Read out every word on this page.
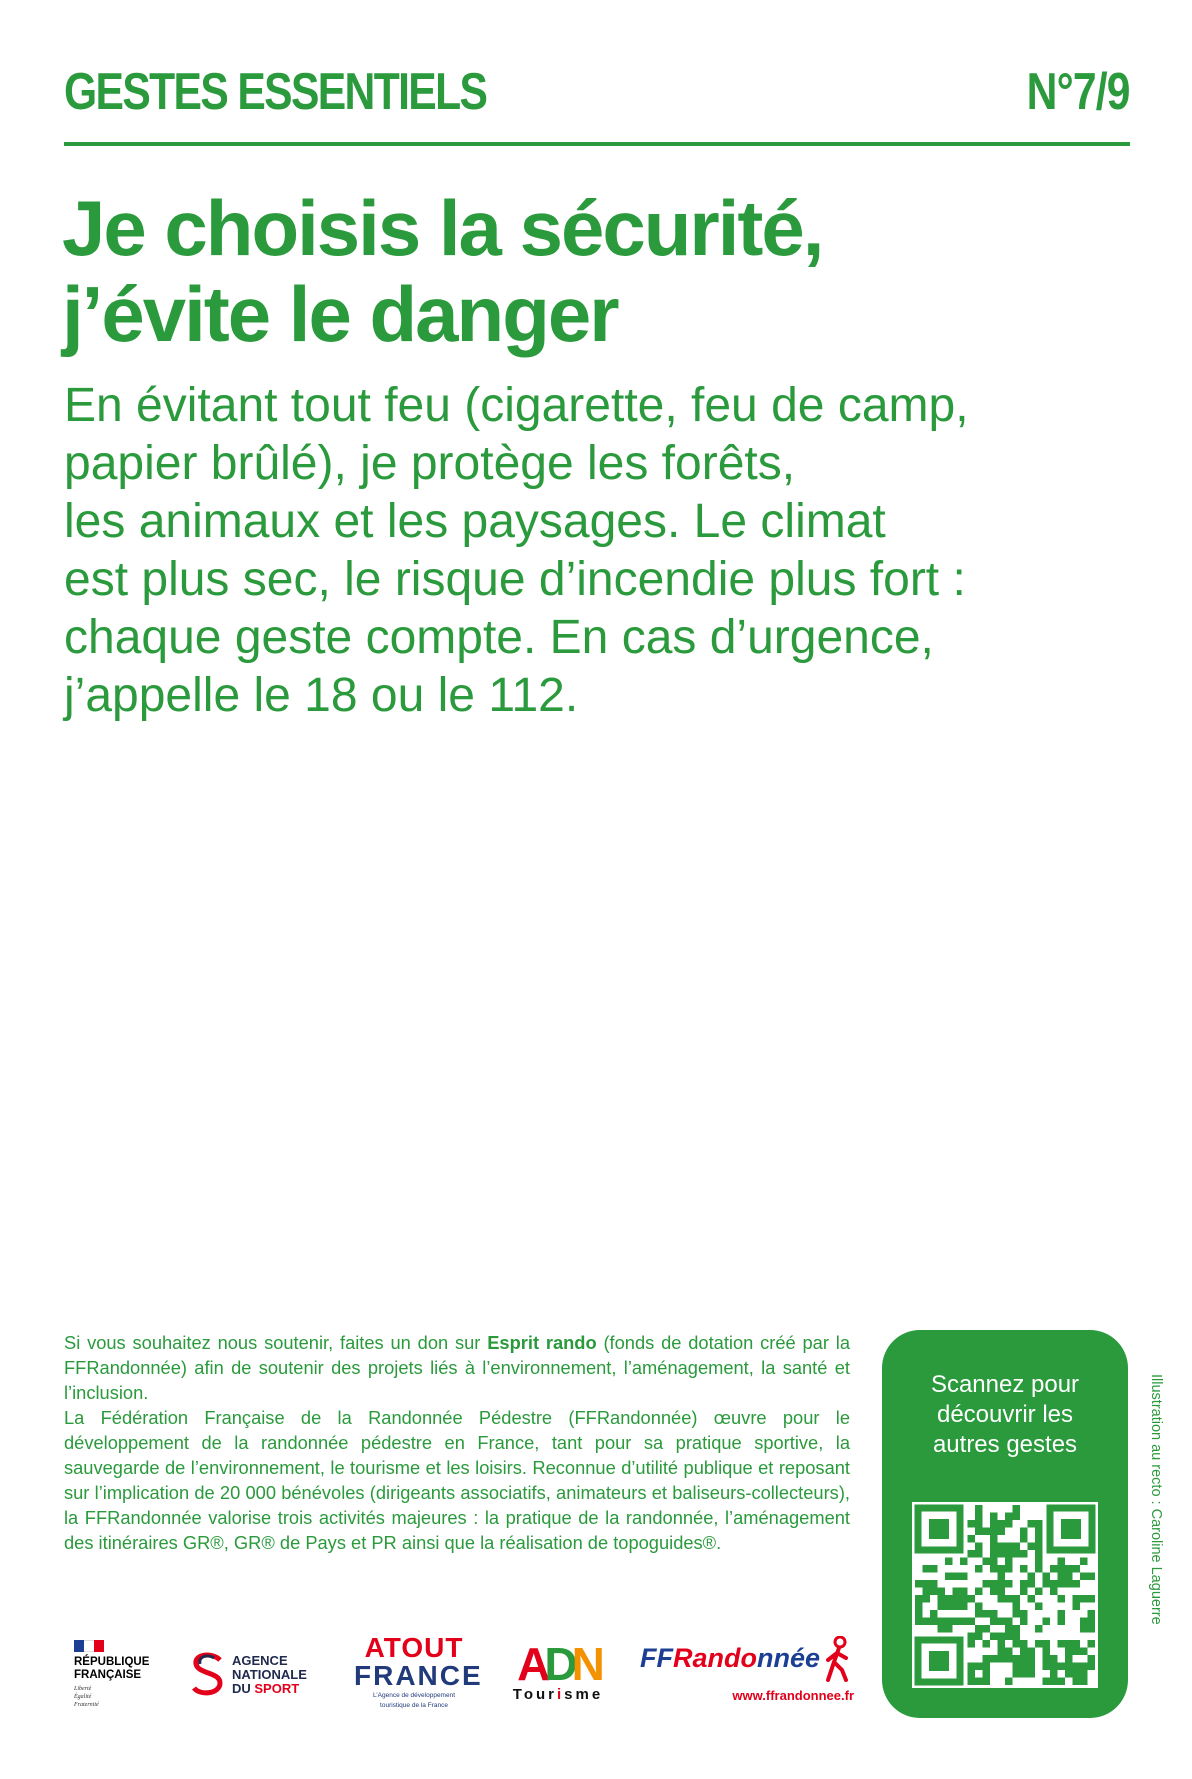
GESTES ESSENTIELS	N°7/9
Je choisis la sécurité,
j’évite le danger
En évitant tout feu (cigarette, feu de camp,
papier brûlé), je protège les forêts,
les animaux et les paysages. Le climat
est plus sec, le risque d’incendie plus fort :
chaque geste compte. En cas d’urgence,
j’appelle le 18 ou le 112.

Si vous souhaitez nous soutenir, faites un don sur Esprit rando (fonds de dotation créé par la FFRandonnée) afin de soutenir des projets liés à l’environnement, l’aménagement, la santé et l’inclusion.

La Fédération Française de la Randonnée Pédestre (FFRandonnée) œuvre pour le développement de la randonnée pédestre en France, tant pour sa pratique sportive, la sauvegarde de l’environnement, le tourisme et les loisirs. Reconnue d’utilité publique et reposant sur l’implication de 20 000 bénévoles (dirigeants associatifs, animateurs et baliseurs-collecteurs), la FFRandonnée valorise trois activités majeures : la pratique de la randonnée, l’aménagement des itinéraires GR®, GR® de Pays et PR ainsi que la réalisation de topoguides®.

Scannez pour
découvrir les
autres gestes	Illustration au recto : Caroline Laguerre
RÉPUBLIQUE
FRANÇAISE
Liberté
Égalité
Fraternité
AGENCE
NATIONALE
DU SPORT
ATOUT
FRANCE
L’Agence de développement
touristique de la France
ADN
Tourisme
FFRandonnée
www.ffrandonnee.fr
